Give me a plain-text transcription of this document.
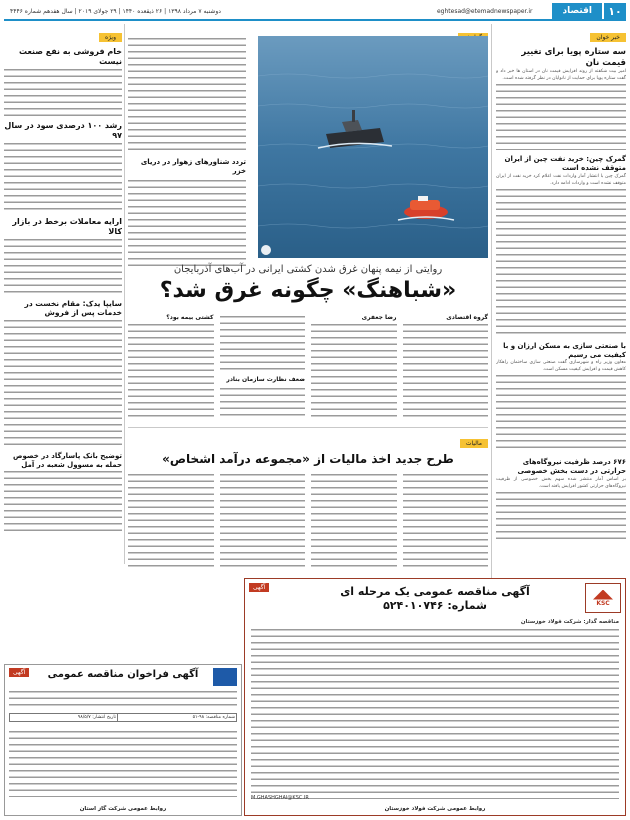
۱۰
اقتصاد
eghtesad@etemadnewspaper.ir
دوشنبه ۷ مرداد ۱۳۹۸ | ۲۶ ذیقعده ۱۴۴۰ | ۲۹ جولای ۲۰۱۹ | سال هفدهم شماره ۴۴۴۶
خبر خوان
سه ستاره پویا برای تغییر قیمت نان
امیر بیت شکفته از روند افزایش قیمت نان در استان ها خبر داد و گفت ستاره پویا برای حمایت از نانوایان در نظر گرفته شده است.
گمرک چین: خرید نفت چین از ایران متوقف نشده است
گمرک چین با انتشار آمار واردات نفت اعلام کرد خرید نفت از ایران متوقف نشده است و واردات ادامه دارد.
با صنعتی سازی به مسکن ارزان و با کیفیت می رسیم
معاون وزیر راه و شهرسازی گفت صنعتی سازی ساختمان راهکار کاهش قیمت و افزایش کیفیت مسکن است.
۶۷۶ درصد ظرفیت نیروگاه‌های حرارتی در دست بخش خصوصی
بر اساس آمار منتشر شده سهم بخش خصوصی از ظرفیت نیروگاه‌های حرارتی کشور افزایش یافته است.
تردد شناورهای زهوار در دریای خزر
روایتی از نیمه پنهان غرق شدن کشتی ایرانی در آب‌های آذربایجان
«شباهنگ» چگونه غرق شد؟
گروه اقتصادی
رضا جعفری
ضعف نظارت سازمان بنادر
کشتی بیمه بود؟
ویژه
خام فروشی به نفع صنعت نیست
رشد ۱۰۰ درصدی سود در سال ۹۷
ارایه معاملات برخط در بازار کالا
سایپا یدک: مقام نخست در خدمات پس از فروش
توضیح بانک پاسارگاد در خصوص حمله به مسوول شعبه در آمل
مالیات
طرح جدید اخذ مالیات از «مجموعه درآمد اشخاص»
KSC
آگهی	آگهی مناقصه عمومی یک مرحله ای
شماره: ۵۲۴۰۱۰۷۴۶
مناقصه گذار: شرکت فولاد خوزستان
M.GHASHGHAI@KSC.IR
روابط عمومی شرکت فولاد خوزستان
آگهی	آگهی فراخوان مناقصه عمومی
شماره مناقصه: ۹۸-۵۱	تاریخ انتشار: ۹۸/۵/۷
روابط عمومی شرکت گاز استان
